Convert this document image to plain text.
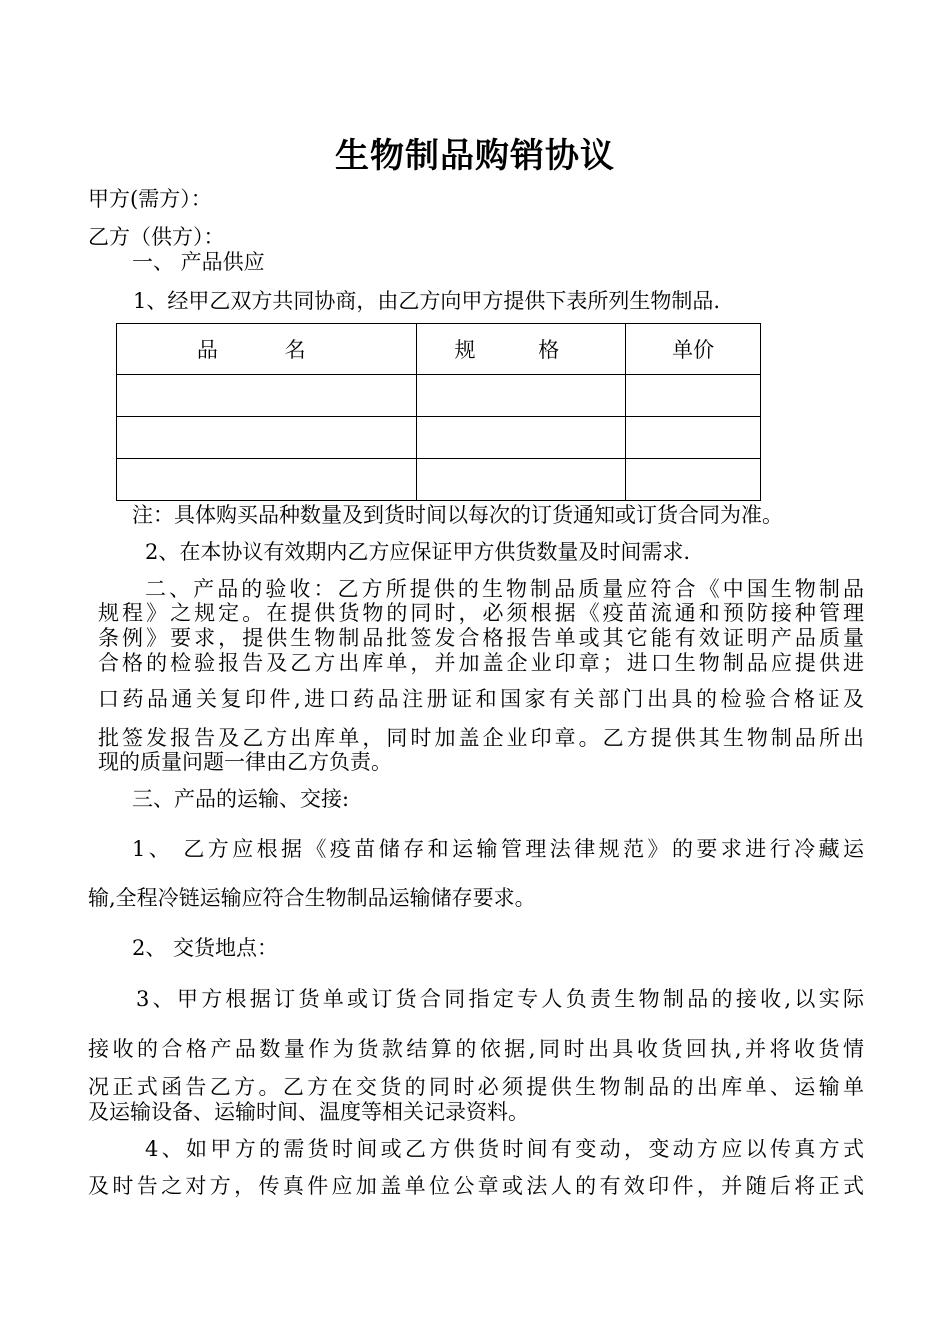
生物制品购销协议
甲方(需方）：
乙方（供方）：
一、 产品供应
1、经甲乙双方共同协商，由乙方向甲方提供下表所列生物制品.
品 名	规 格	单价

注：具体购买品种数量及到货时间以每次的订货通知或订货合同为准。
2、在本协议有效期内乙方应保证甲方供货数量及时间需求.
二、产品的验收：乙方所提供的生物制品质量应符合《中国生物制品
规程》之规定。在提供货物的同时，必须根据《疫苗流通和预防接种管理
条例》要求，提供生物制品批签发合格报告单或其它能有效证明产品质量
合格的检验报告及乙方出库单，并加盖企业印章；进口生物制品应提供进
口药品通关复印件,进口药品注册证和国家有关部门出具的检验合格证及
批签发报告及乙方出库单，同时加盖企业印章。乙方提供其生物制品所出
现的质量问题一律由乙方负责。
三、产品的运输、交接:
1、 乙方应根据《疫苗储存和运输管理法律规范》的要求进行冷藏运
输,全程冷链运输应符合生物制品运输储存要求。
2、 交货地点：
3、甲方根据订货单或订货合同指定专人负责生物制品的接收,以实际
接收的合格产品数量作为货款结算的依据,同时出具收货回执,并将收货情
况正式函告乙方。乙方在交货的同时必须提供生物制品的出库单、运输单
及运输设备、运输时间、温度等相关记录资料。
4、如甲方的需货时间或乙方供货时间有变动，变动方应以传真方式
及时告之对方，传真件应加盖单位公章或法人的有效印件，并随后将正式
